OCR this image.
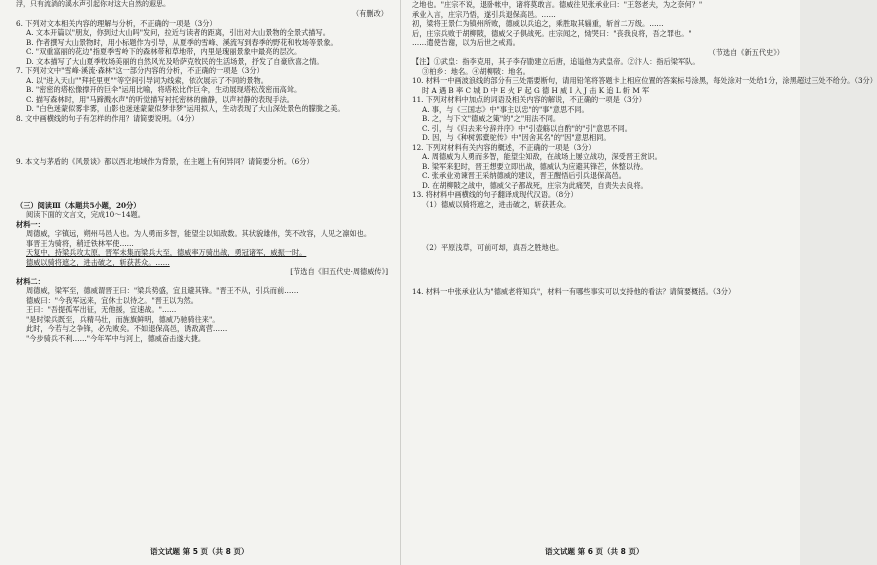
浮，只有流淌的溪水声引起你对这大自然的遐思。
（有删改）
6. 下列对文本相关内容的理解与分析，不正确的一项是（3分）
A. 文本开篇以"朋友，你到过大山吗"发问，拉近与读者的距离，引出对大山景物的全景式描写。
B. 作者撰写大山景物时，用小标题作为引导，从夏季的雪峰、溪流写到春季的野花和牧场等景象。
C. "双重富丽的花边"指夏季雪岭下的森林带和草地带，内里是瑰丽景象中最亮的层次。
D. 文本描写了大山夏季牧场美丽的自然风光及哈萨克牧民的生活场景，抒发了自豪欣喜之情。
7. 下列对文中"雪峰·溪流·森林"这一部分内容的分析，不正确的一项是（3分）
A. 以"进入天山""拜托里更""等空间引导词为线索，依次展示了不同的景物。
B. "密密的塔松像撑开的巨伞"运用比喻，将塔松比作巨伞，生动展现塔松茂密而高耸。
C. 描写森林时，用"马蹄溅水声"的听觉描写衬托密林的幽静，以声衬静的表现手法。
D. "白色迷蒙似雾非雾，山影也迷迷蒙蒙似梦非梦"运用拟人，生动表现了大山深处景色的朦胧之美。
8. 文中画横线的句子有怎样的作用？请简要说明。（4分）
9. 本文与茅盾的《风景谈》都以西北地域作为背景，在主题上有何异同？请简要分析。（6分）
（三）阅读Ⅲ（本题共5小题，20分）
阅读下面的文言文，完成10～14题。
材料一：
周德威，字镇远，朔州马邑人也。为人勇而多智，能望尘以知敌数。其状貌雄伟，笑不改容，人见之凛如也。
事晋王为骑将，稍迁铁林军使……
天复中，持梁兵攻太原，晋军未集而梁兵大至，德威率万骑出战，勇冠诸军，威振一时。
德威以骑将遮之，进击破之，斩获甚众。……
[节选自《旧五代史·周德威传》]
材料二：
周德威，梁军至，德威谓晋王曰："梁兵势盛，宜且避其锋。"晋王不从，引兵而前……
德威曰："今我军远来，宜休士以待之。"晋王以为然。
王曰："吾提孤军出征，无他援，宜速战。"……
"是时梁兵既至，兵精马壮，而旌旗鲜明，德威乃驰骑往来"。
此时，今若与之争锋，必先败矣。不如退保高邑，诱敌离营……
"今步骑兵不利……"今年军中与河上，德威奋击遂大捷。
之地也。"庄宗不说，退卧帐中，诸将莫敢言。德威往见张承业曰："王怒老夫，为之奈何？"
承业入言，庄宗乃悟，遂引兵退保高邑。……
初，梁将王景仁为镇州所败，德威以兵追之，乘胜取其辎重，斩首二万级。……
后，庄宗兵败于胡柳陂，德威父子俱战死。庄宗闻之，恸哭曰："丧我良将，吾之罪也。"
……遣使告谢，以为后世之戒焉。
（节选自《新五代史》）
【注】①武皇：指李克用，其子李存勖建立后唐，追谥他为武皇帝。②汴人：指后梁军队。
③柏乡：地名。④胡柳陂：地名。
10. 材料一中画波浪线的部分有三处需要断句，请用铅笔将答题卡上相应位置的答案标号涂黑，每处涂对一处给1分，涂黑超过三处不给分。（3分）
时 A 遇 B 率 C 城 D 中 E 火 F 起 G 德 H 威 I 入 J 击 K 追 L 斩 M 军
11. 下列对材料中加点的词语及相关内容的解说，不正确的一项是（3分）
A. 事，与《三国志》中"事主以忠"的"事"意思不同。
B. 之，与下文"德威之策"的"之"用法不同。
C. 引，与《归去来兮辞并序》中"引壶觞以自酌"的"引"意思不同。
D. 因，与《种树郭橐驼传》中"因舍其名"的"因"意思相同。
12. 下列对材料有关内容的概述，不正确的一项是（3分）
A. 周德威为人勇而多智，能望尘知敌，在战场上屡立战功，深受晋王赏识。
B. 梁军来犯时，晋王想要立即出战，德威认为应避其锋芒，休整以待。
C. 张承业劝谏晋王采纳德威的建议，晋王醒悟后引兵退保高邑。
D. 在胡柳陂之战中，德威父子都战死，庄宗为此痛哭，自责失去良将。
13. 将材料中画横线的句子翻译成现代汉语。（8分）
（1）德威以骑将遮之，进击破之，斩获甚众。
（2）平原浅草，可前可却，真吾之胜地也。
14. 材料一中张承业认为"德威老将知兵"，材料一有哪些事实可以支持他的看法？请简要概括。（3分）
语文试题 第 5 页（共 8 页）	语文试题 第 6 页（共 8 页）
